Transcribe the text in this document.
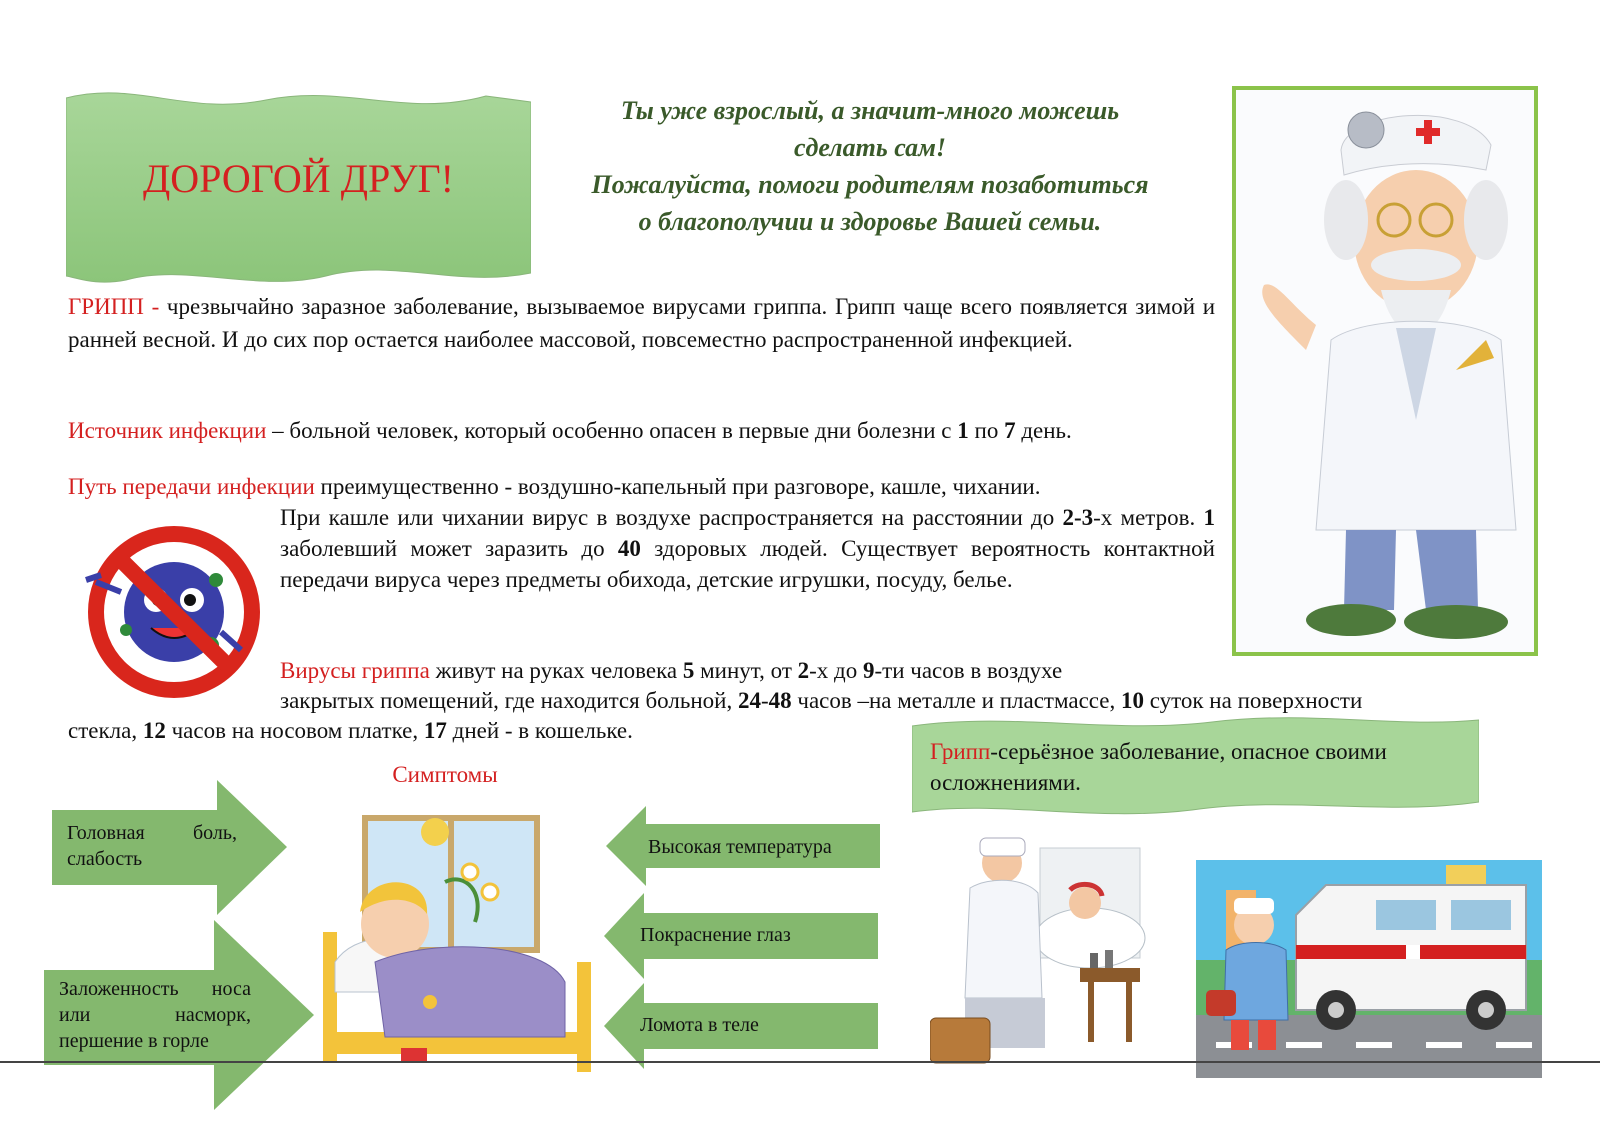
ДОРОГОЙ ДРУГ!
Ты уже взрослый, а значит-много можешь
сделать сам!
Пожалуйста, помоги родителям позаботиться
о благополучии и здоровье Вашей семьи.
ГРИПП - чрезвычайно заразное заболевание, вызываемое вирусами гриппа. Грипп чаще всего появляется зимой и ранней весной. И до сих пор остается наиболее массовой, повсеместно распространенной инфекцией.
Источник инфекции – больной человек, который особенно опасен в первые дни болезни с 1 по 7 день.
Путь передачи инфекции преимущественно - воздушно-капельный при разговоре, кашле, чихании.
При кашле или чихании вирус в воздухе распространяется на расстоянии до 2-3-х метров. 1 заболевший может заразить до 40 здоровых людей. Существует вероятность контактной передачи вируса через предметы обихода, детские игрушки, посуду, белье.
Вирусы гриппа живут на руках человека 5 минут, от 2-х до 9-ти часов в воздухе
закрытых помещений, где находится больной, 24-48 часов –на металле и пластмассе, 10 суток на поверхности
стекла, 12 часов на носовом платке, 17 дней - в кошельке.
Грипп-серьёзное заболевание, опасное своими осложнениями.
Симптомы
Головная боль, слабость
Заложенность носа или насморк, першение в горле
Высокая температура
Покраснение глаз
Ломота в теле
